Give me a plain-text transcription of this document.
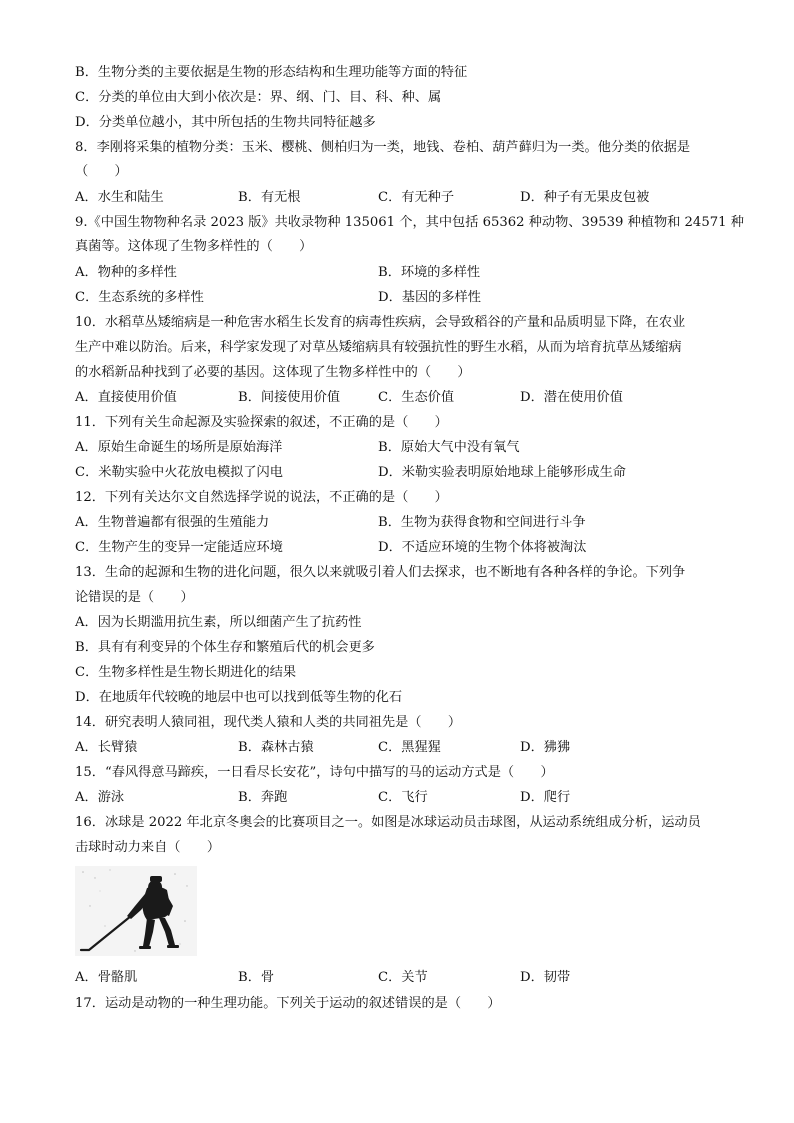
B．生物分类的主要依据是生物的形态结构和生理功能等方面的特征
C．分类的单位由大到小依次是：界、纲、门、目、科、种、属
D．分类单位越小，其中所包括的生物共同特征越多
8．李刚将采集的植物分类：玉米、樱桃、侧柏归为一类，地钱、卷柏、葫芦藓归为一类。他分类的依据是
（　　）
A．水生和陆生	B．有无根	C．有无种子	D．种子有无果皮包被
9.《中国生物物种名录 2023 版》共收录物种 135061 个，其中包括 65362 种动物、39539 种植物和 24571 种
真菌等。这体现了生物多样性的（　　）
A．物种的多样性	B．环境的多样性
C．生态系统的多样性	D．基因的多样性
10．水稻草丛矮缩病是一种危害水稻生长发育的病毒性疾病，会导致稻谷的产量和品质明显下降，在农业
生产中难以防治。后来，科学家发现了对草丛矮缩病具有较强抗性的野生水稻，从而为培育抗草丛矮缩病
的水稻新品种找到了必要的基因。这体现了生物多样性中的（　　）
A．直接使用价值	B．间接使用价值	C．生态价值	D．潜在使用价值
11．下列有关生命起源及实验探索的叙述，不正确的是（　　）
A．原始生命诞生的场所是原始海洋	B．原始大气中没有氧气
C．米勒实验中火花放电模拟了闪电	D．米勒实验表明原始地球上能够形成生命
12．下列有关达尔文自然选择学说的说法，不正确的是（　　）
A．生物普遍都有很强的生殖能力	B．生物为获得食物和空间进行斗争
C．生物产生的变异一定能适应环境	D．不适应环境的生物个体将被淘汰
13．生命的起源和生物的进化问题，很久以来就吸引着人们去探求，也不断地有各种各样的争论。下列争
论错误的是（　　）
A．因为长期滥用抗生素，所以细菌产生了抗药性
B．具有有利变异的个体生存和繁殖后代的机会更多
C．生物多样性是生物长期进化的结果
D．在地质年代较晚的地层中也可以找到低等生物的化石
14．研究表明人猿同祖，现代类人猿和人类的共同祖先是（　　）
A．长臂猿	B．森林古猿	C．黑猩猩	D．狒狒
15．“春风得意马蹄疾，一日看尽长安花”，诗句中描写的马的运动方式是（　　）
A．游泳	B．奔跑	C．飞行	D．爬行
16．冰球是 2022 年北京冬奥会的比赛项目之一。如图是冰球运动员击球图，从运动系统组成分析，运动员
击球时动力来自（　　）
A．骨骼肌	B．骨	C．关节	D．韧带
17．运动是动物的一种生理功能。下列关于运动的叙述错误的是（　　）
